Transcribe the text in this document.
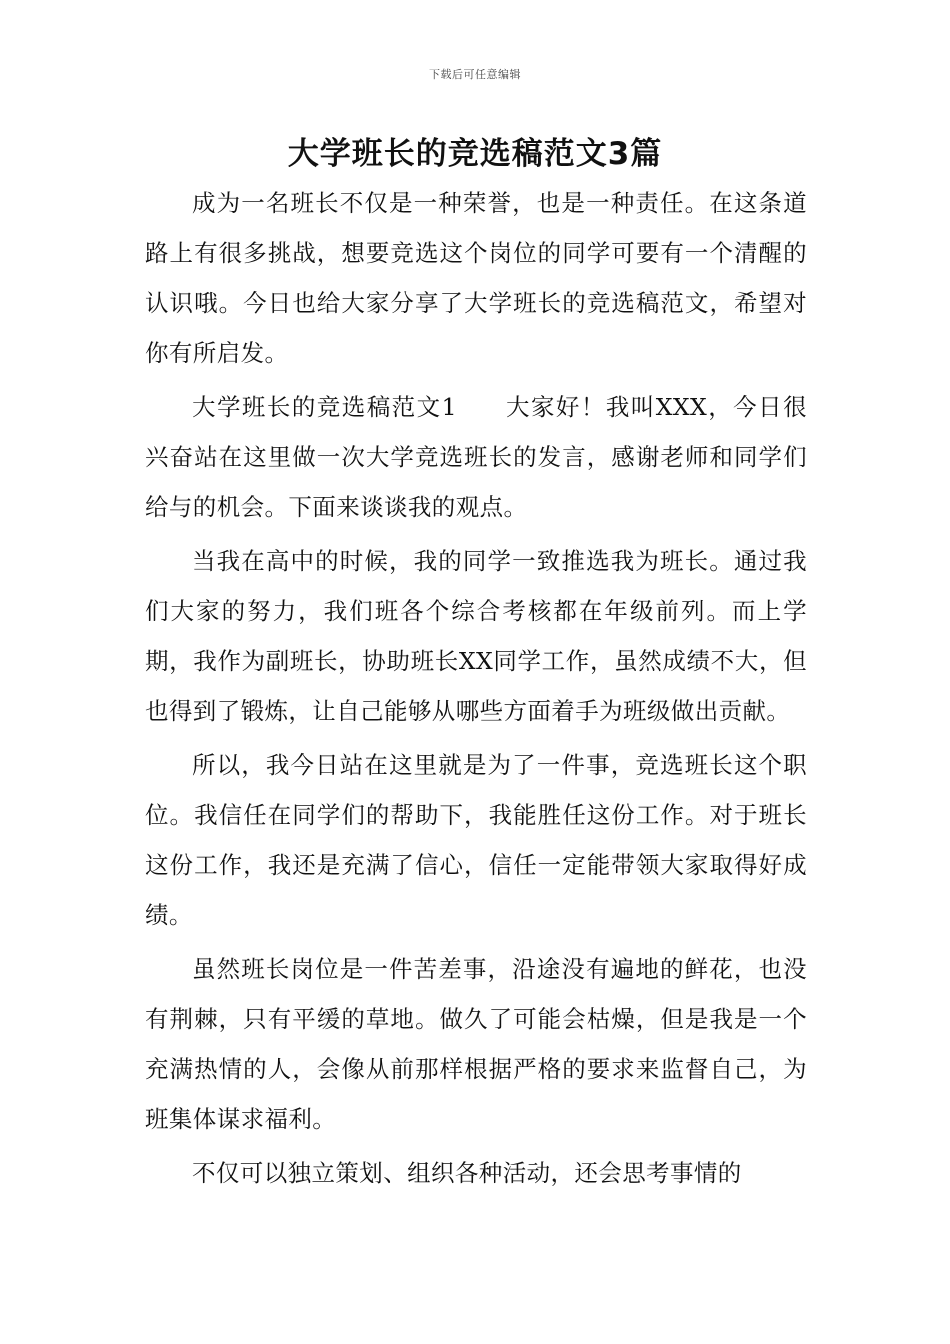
下载后可任意编辑
大学班长的竞选稿范文3篇

成为一名班长不仅是一种荣誉，也是一种责任。在这条道路上有很多挑战，想要竞选这个岗位的同学可要有一个清醒的认识哦。今日也给大家分享了大学班长的竞选稿范文，希望对你有所启发。

大学班长的竞选稿范文1 大家好！我叫XXX，今日很兴奋站在这里做一次大学竞选班长的发言，感谢老师和同学们给与的机会。下面来谈谈我的观点。

当我在高中的时候，我的同学一致推选我为班长。通过我们大家的努力，我们班各个综合考核都在年级前列。而上学期，我作为副班长，协助班长XX同学工作，虽然成绩不大，但也得到了锻炼，让自己能够从哪些方面着手为班级做出贡献。

所以，我今日站在这里就是为了一件事，竞选班长这个职位。我信任在同学们的帮助下，我能胜任这份工作。对于班长这份工作，我还是充满了信心，信任一定能带领大家取得好成绩。

虽然班长岗位是一件苦差事，沿途没有遍地的鲜花，也没有荆棘，只有平缓的草地。做久了可能会枯燥，但是我是一个充满热情的人，会像从前那样根据严格的要求来监督自己，为班集体谋求福利。

不仅可以独立策划、组织各种活动，还会思考事情的
